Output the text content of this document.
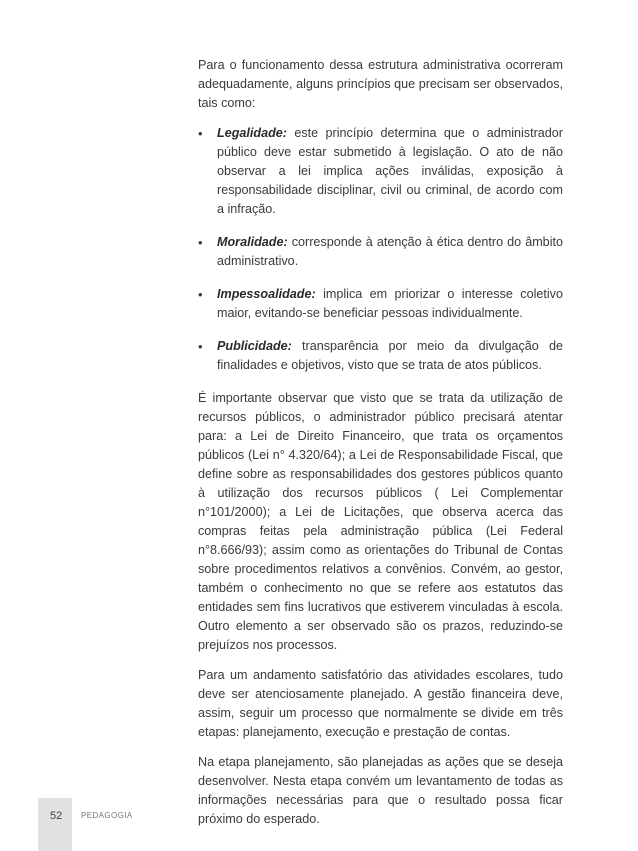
Para o funcionamento dessa estrutura administrativa ocorreram adequadamente, alguns princípios que precisam ser observados, tais como:

• Legalidade: este princípio determina que o administrador público deve estar submetido à legislação. O ato de não observar a lei implica ações inválidas, exposição à responsabilidade disciplinar, civil ou criminal, de acordo com a infração.
• Moralidade: corresponde à atenção à ética dentro do âmbito administrativo.
• Impessoalidade: implica em priorizar o interesse coletivo maior, evitando-se beneficiar pessoas individualmente.
• Publicidade: transparência por meio da divulgação de finalidades e objetivos, visto que se trata de atos públicos.

É importante observar que visto que se trata da utilização de recursos públicos, o administrador público precisará atentar para: a Lei de Direito Financeiro, que trata os orçamentos públicos (Lei n° 4.320/64); a Lei de Responsabilidade Fiscal, que define sobre as responsabilidades dos gestores públicos quanto à utilização dos recursos públicos ( Lei Complementar n°101/2000); a Lei de Licitações, que observa acerca das compras feitas pela administração pública (Lei Federal n°8.666/93); assim como as orientações do Tribunal de Contas sobre procedimentos relativos a convênios. Convém, ao gestor, também o conhecimento no que se refere aos estatutos das entidades sem fins lucrativos que estiverem vinculadas à escola. Outro elemento a ser observado são os prazos, reduzindo-se prejuízos nos processos.

Para um andamento satisfatório das atividades escolares, tudo deve ser atenciosamente planejado. A gestão financeira deve, assim, seguir um processo que normalmente se divide em três etapas: planejamento, execução e prestação de contas.

Na etapa planejamento, são planejadas as ações que se deseja desenvolver. Nesta etapa convém um levantamento de todas as informações necessárias para que o resultado possa ficar próximo do esperado.

52 PEDAGOGIA
